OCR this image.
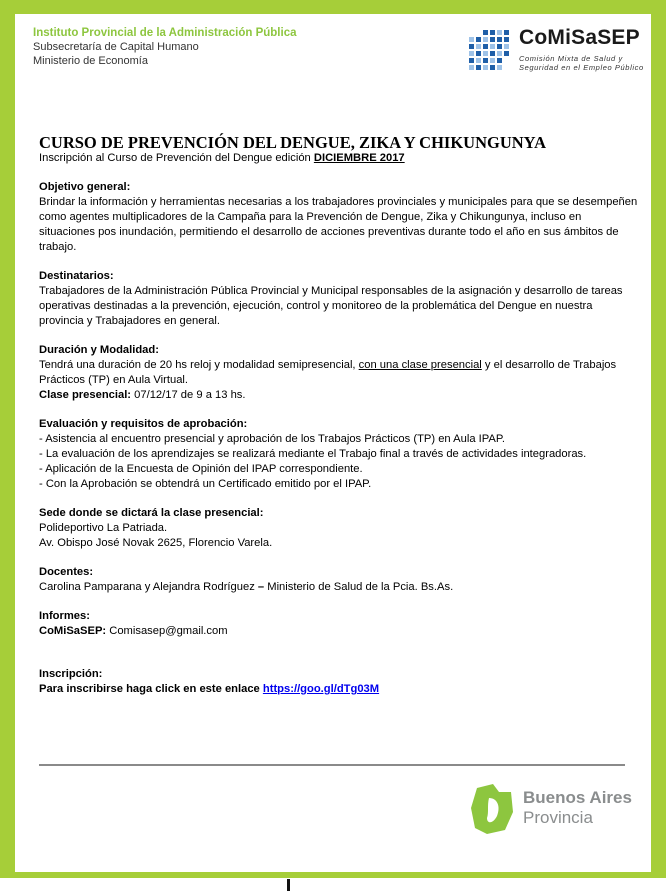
Instituto Provincial de la Administración Pública
Subsecretaría de Capital Humano
Ministerio de Economía
CoMiSaSEP
Comisión Mixta de Salud y
Seguridad en el Empleo Público
CURSO DE PREVENCIÓN DEL DENGUE, ZIKA Y CHIKUNGUNYA

Inscripción al Curso de Prevención del Dengue edición DICIEMBRE 2017

Objetivo general:

Brindar la información y herramientas necesarias a los trabajadores provinciales y municipales para que se desempeñen como agentes multiplicadores de la Campaña para la Prevención de Dengue, Zika y Chikungunya, incluso en situaciones pos inundación, permitiendo el desarrollo de acciones preventivas durante todo el año en sus ámbitos de trabajo.

Destinatarios:

Trabajadores de la Administración Pública Provincial y Municipal responsables de la asignación y desarrollo de tareas operativas destinadas a la prevención, ejecución, control y monitoreo de la problemática del Dengue en nuestra provincia y Trabajadores en general.

Duración y Modalidad:

Tendrá una duración de 20 hs reloj y modalidad semipresencial, con una clase presencial y el desarrollo de Trabajos Prácticos (TP) en Aula Virtual.

Clase presencial: 07/12/17 de 9 a 13 hs.

Evaluación y requisitos de aprobación:

- Asistencia al encuentro presencial y aprobación de los Trabajos Prácticos (TP) en Aula IPAP.

- La evaluación de los aprendizajes se realizará mediante el Trabajo final a través de actividades integradoras.

- Aplicación de la Encuesta de Opinión del IPAP correspondiente.

- Con la Aprobación se obtendrá un Certificado emitido por el IPAP.

Sede donde se dictará la clase presencial:

Polideportivo La Patriada.

Av. Obispo José Novak 2625, Florencio Varela.

Docentes:

Carolina Pamparana y Alejandra Rodríguez – Ministerio de Salud de la Pcia. Bs.As.

Informes:

CoMiSaSEP: Comisasep@gmail.com

Inscripción:

Para inscribirse haga click en este enlace https://goo.gl/dTg03M

Buenos Aires
Provincia
